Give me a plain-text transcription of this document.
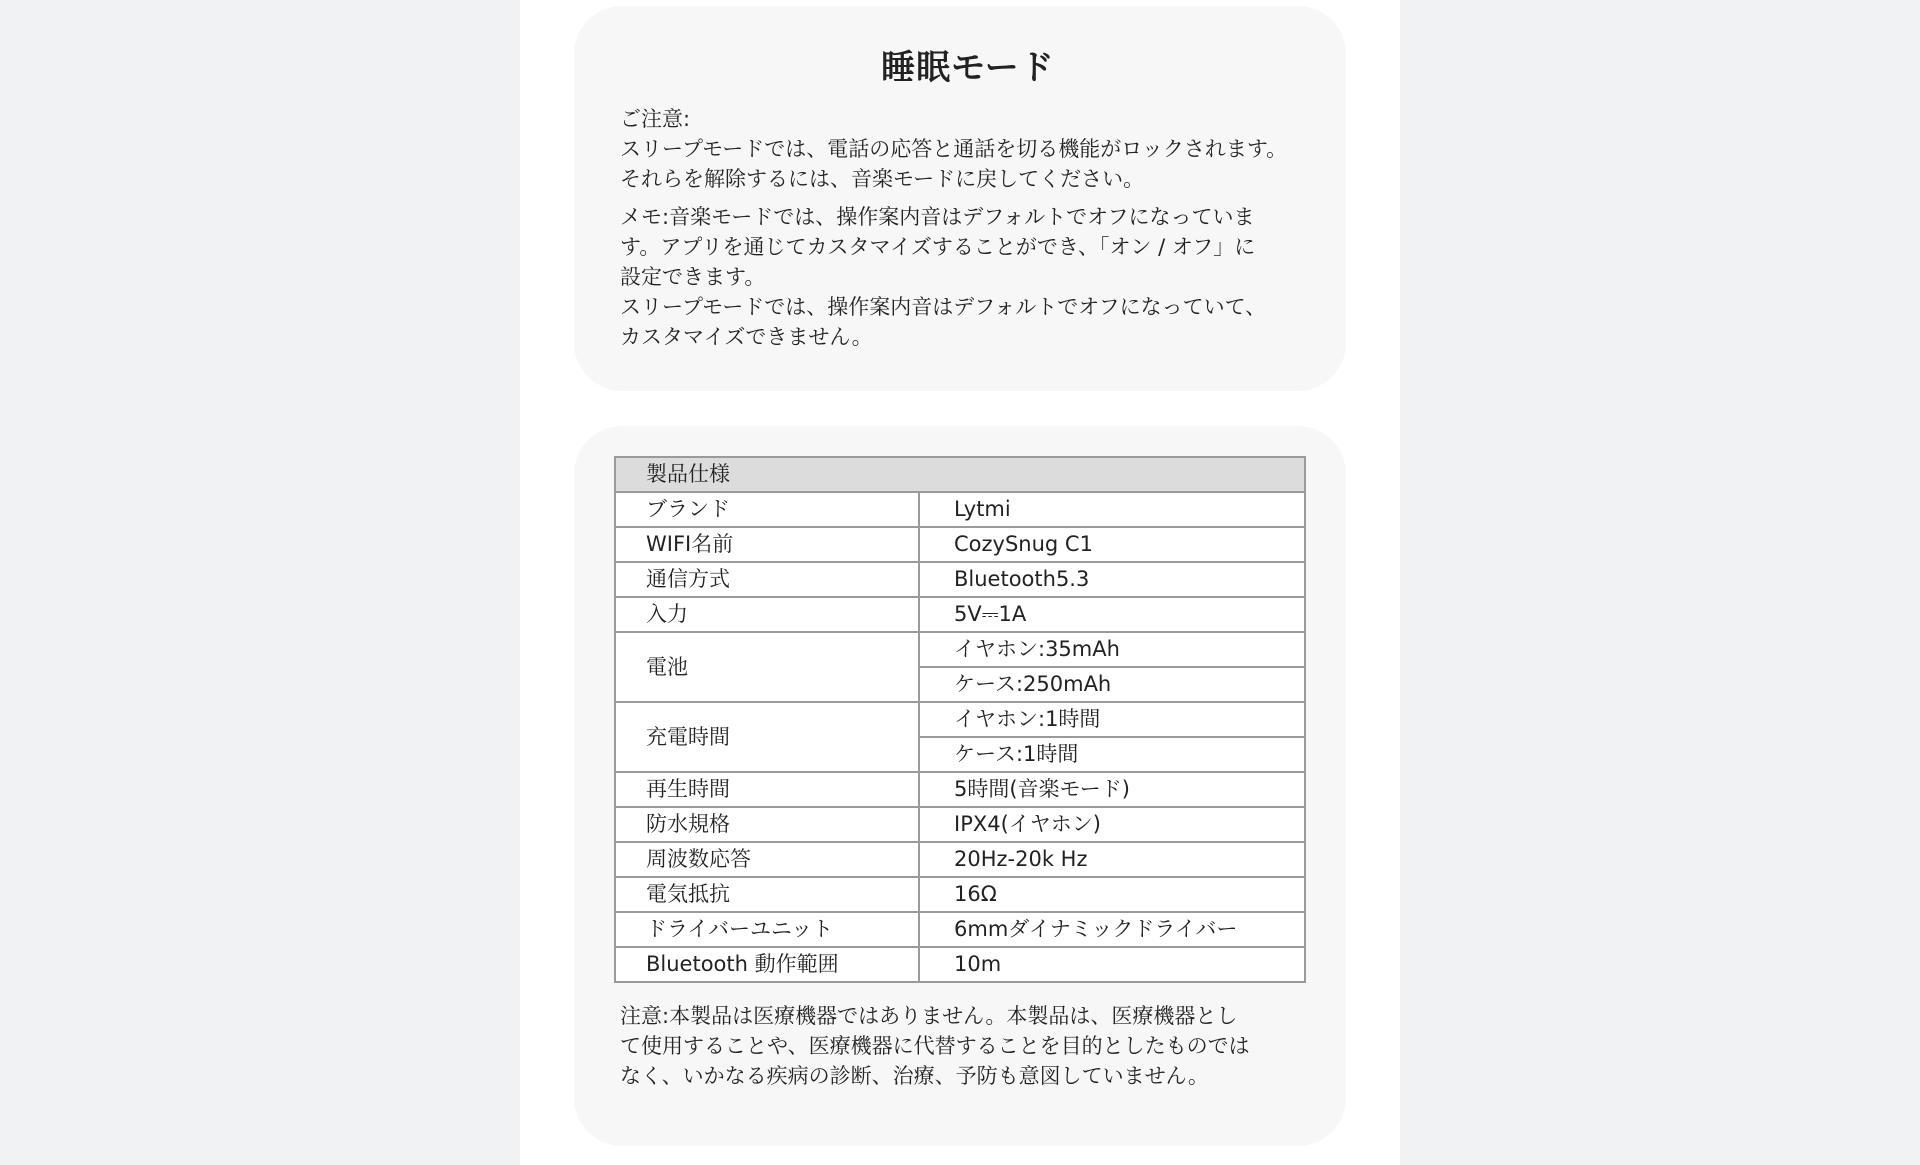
睡眠モード

ご注意:

スリープモードでは、電話の応答と通話を切る機能がロックされます。

それらを解除するには、音楽モードに戻してください。

メモ:音楽モードでは、操作案内音はデフォルトでオフになっていま

す。アプリを通じてカスタマイズすることができ、「オン / オフ」に

設定できます。

スリープモードでは、操作案内音はデフォルトでオフになっていて、

カスタマイズできません。

製品仕様	
ブランド	Lytmi
WIFI名前	CozySnug C1
通信方式	Bluetooth5.3
入力	5V⎓1A
電池	イヤホン:35mAh
	ケース:250mAh
充電時間	イヤホン:1時間
	ケース:1時間
再生時間	5時間(音楽モード)
防水規格	IPX4(イヤホン)
周波数応答	20Hz-20k Hz
電気抵抗	16Ω
ドライバーユニット	6mmダイナミックドライバー
Bluetooth 動作範囲	10m

注意:本製品は医療機器ではありません。本製品は、医療機器とし

て使用することや、医療機器に代替することを目的としたものでは

なく、いかなる疾病の診断、治療、予防も意図していません。
